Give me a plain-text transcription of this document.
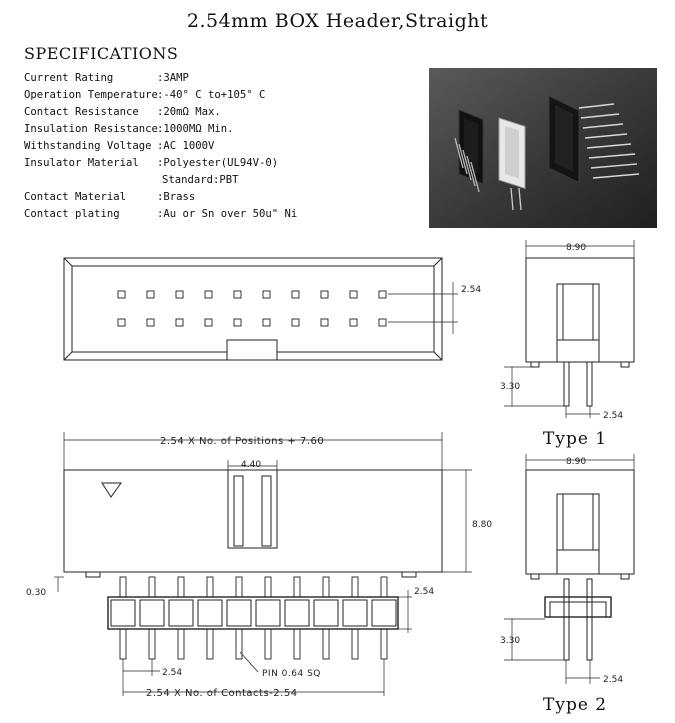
2.54mm BOX Header,Straight
SPECIFICATIONS
Current Rating	:3AMP
Operation Temperature :-40° C to+105° C
Contact Resistance	:20mΩ Max.
Insulation Resistance :1000MΩ Min.
Withstanding Voltage :AC 1000V
Insulator Material	:Polyester(UL94V-0)
Standard:PBT
Contact Material	:Brass
Contact plating	:Au or Sn over 50u" Ni
2.54
8.90
3.30
2.54
Type 1
2.54 X No. of Positions + 7.60
4.40
8.80
0.30	2.54
2.54	PIN 0.64 SQ
2.54 X No. of Contacts-2.54
8.90
3.30
2.54
Type 2
